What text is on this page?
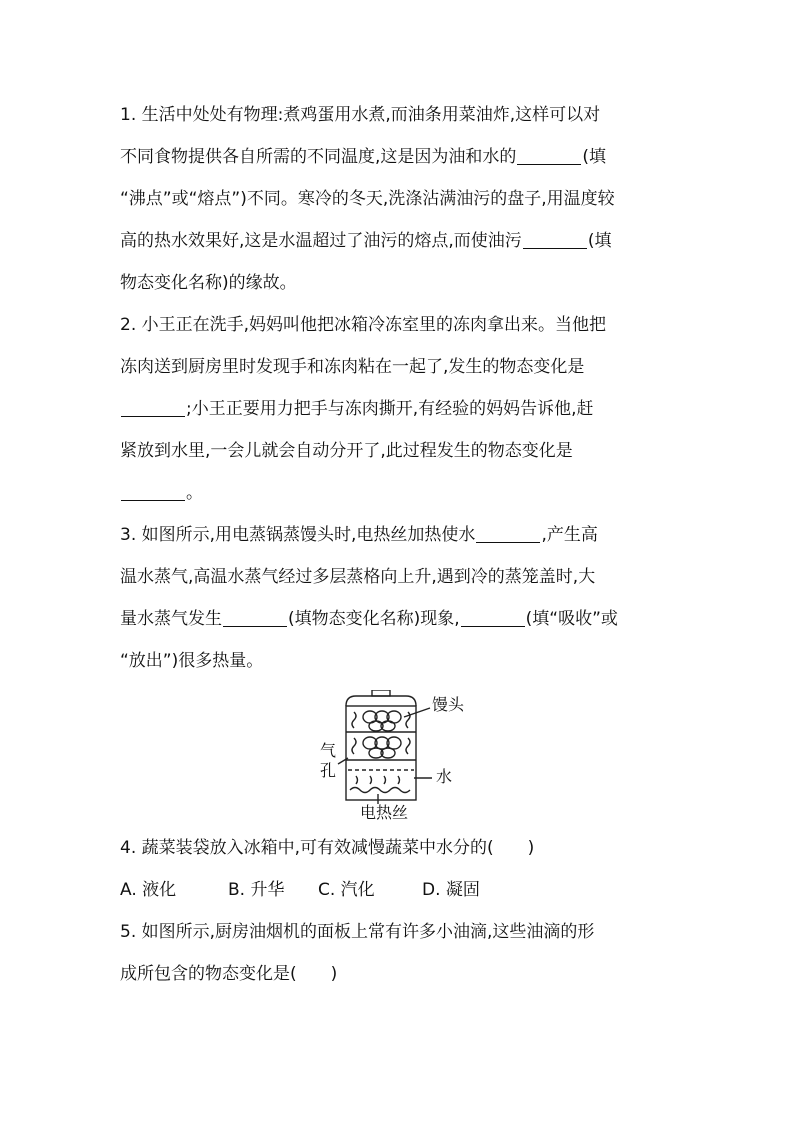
1. 生活中处处有物理:煮鸡蛋用水煮,而油条用菜油炸,这样可以对
不同食物提供各自所需的不同温度,这是因为油和水的	(填
“沸点”或“熔点”)不同。寒冷的冬天,洗涤沾满油污的盘子,用温度较
高的热水效果好,这是水温超过了油污的熔点,而使油污	(填
物态变化名称)的缘故。
2. 小王正在洗手,妈妈叫他把冰箱冷冻室里的冻肉拿出来。当他把
冻肉送到厨房里时发现手和冻肉粘在一起了,发生的物态变化是
;小王正要用力把手与冻肉撕开,有经验的妈妈告诉他,赶
紧放到水里,一会儿就会自动分开了,此过程发生的物态变化是
。
3. 如图所示,用电蒸锅蒸馒头时,电热丝加热使水	,产生高
温水蒸气,高温水蒸气经过多层蒸格向上升,遇到冷的蒸笼盖时,大
量水蒸气发生	(填物态变化名称)现象,	(填“吸收”或
“放出”)很多热量。
馒头
气
孔	水
电热丝
4. 蔬菜装袋放入冰箱中,可有效减慢蔬菜中水分的( )
A. 液化	B. 升华 C. 汽化	D. 凝固
5. 如图所示,厨房油烟机的面板上常有许多小油滴,这些油滴的形
成所包含的物态变化是( )
